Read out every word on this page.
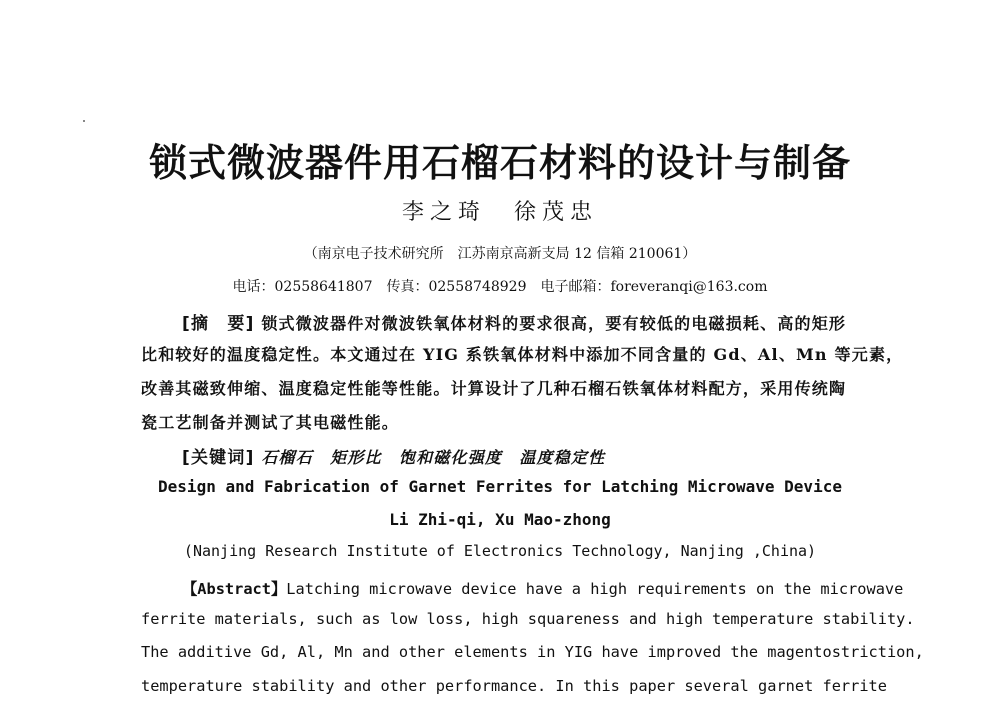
锁式微波器件用石榴石材料的设计与制备
李之琦　徐茂忠
（南京电子技术研究所　江苏南京高新支局 12 信箱 210061）
电话：02558641807　传真：02558748929　电子邮箱：foreveranqi@163.com
[摘　要] 锁式微波器件对微波铁氧体材料的要求很高，要有较低的电磁损耗、高的矩形
比和较好的温度稳定性。本文通过在 YIG 系铁氧体材料中添加不同含量的 Gd、Al、Mn 等元素，
改善其磁致伸缩、温度稳定性能等性能。计算设计了几种石榴石铁氧体材料配方，采用传统陶
瓷工艺制备并测试了其电磁性能。
[关键词] 石榴石　矩形比　饱和磁化强度　温度稳定性
Design and Fabrication of Garnet Ferrites for Latching Microwave Device
Li Zhi-qi, Xu Mao-zhong
(Nanjing Research Institute of Electronics Technology, Nanjing ,China)
【Abstract】Latching microwave device have a high requirements on the microwave
ferrite materials, such as low loss, high squareness and high temperature stability.
The additive Gd, Al, Mn and other elements in YIG have improved the magentostriction,
temperature stability and other performance. In this paper several garnet ferrite
